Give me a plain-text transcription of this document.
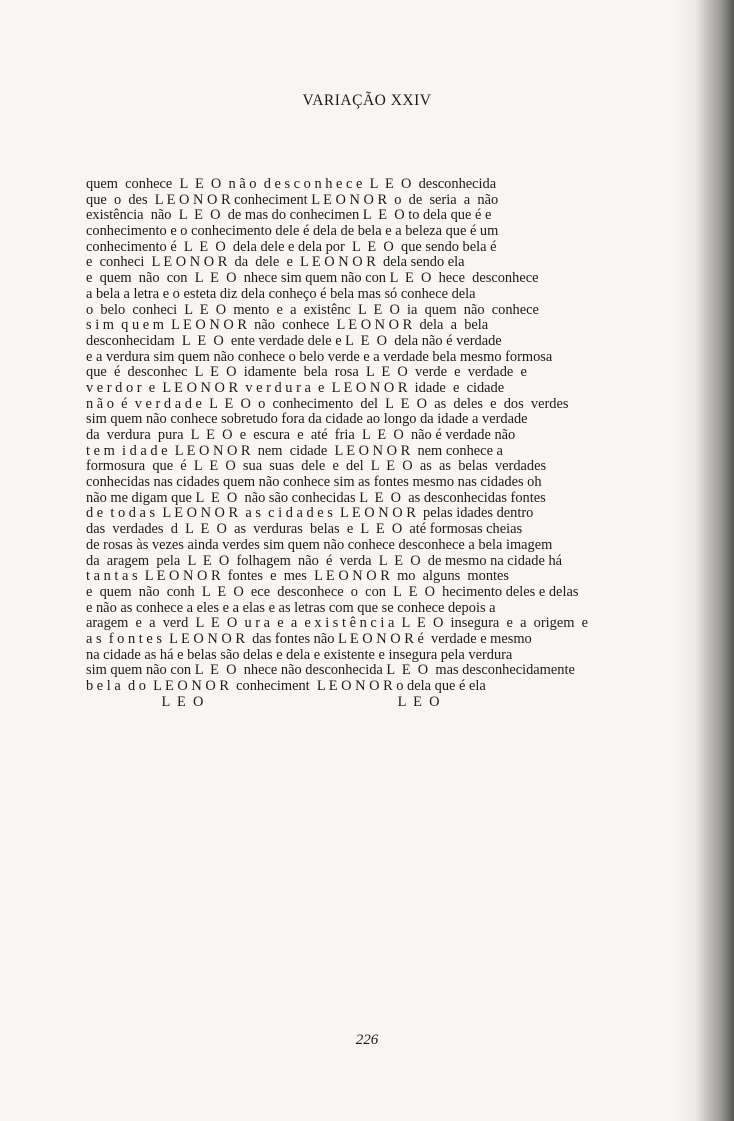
VARIAÇÃO XXIV
quem  conhece  L  E  O  n ã o  d e s c o n h e c e  L  E  O  desconhecida
que  o  des  L E O N O R conheciment L E O N O R  o  de  seria  a  não
existência  não  L  E  O  de mas do conhecimen L  E  O to dela que é e
conhecimento e o conhecimento dele é dela de bela e a beleza que é um
conhecimento é  L  E  O  dela dele e dela por  L  E  O  que sendo bela é
e  conheci  L E O N O R  da  dele  e  L E O N O R  dela sendo ela
e  quem  não  con  L  E  O  nhece sim quem não con L  E  O  hece  desconhece
a bela a letra e o esteta diz dela conheço é bela mas só conhece dela
o  belo  conheci  L  E  O  mento  e  a  existênc  L  E  O  ia  quem  não  conhece
s i m  q u e m  L E O N O R  não  conhece  L E O N O R  dela  a  bela
desconhecidam  L  E  O  ente verdade dele e L  E  O  dela não é verdade
e a verdura sim quem não conhece o belo verde e a verdade bela mesmo formosa
que  é  desconhec  L  E  O  idamente  bela  rosa  L  E  O  verde  e  verdade  e
v e r d o r  e  L E O N O R  v e r d u r a  e  L E O N O R  idade  e  cidade
n ã o  é  v e r d a d e  L  E  O  o  conhecimento  del  L  E  O  as  deles  e  dos  verdes
sim quem não conhece sobretudo fora da cidade ao longo da idade a verdade
da  verdura  pura  L  E  O  e  escura  e  até  fria  L  E  O  não é verdade não
t e m  i d a d e  L E O N O R  nem  cidade  L E O N O R  nem conhece a
formosura  que  é  L  E  O  sua  suas  dele  e  del  L  E  O  as  as  belas  verdades
conhecidas nas cidades quem não conhece sim as fontes mesmo nas cidades oh
não me digam que L  E  O  não são conhecidas L  E  O  as desconhecidas fontes
d e  t o d a s  L E O N O R  a s  c i d a d e s  L E O N O R  pelas idades dentro
das  verdades  d  L  E  O  as  verduras  belas  e  L  E  O  até formosas cheias
de rosas às vezes ainda verdes sim quem não conhece desconhece a bela imagem
da  aragem  pela  L  E  O  folhagem  não  é  verda  L  E  O  de mesmo na cidade há
t a n t a s  L E O N O R  fontes  e  mes  L E O N O R  mo  alguns  montes
e  quem  não  conh  L  E  O  ece  desconhece  o  con  L  E  O  hecimento deles e delas
e não as conhece a eles e a elas e as letras com que se conhece depois a
aragem  e  a  verd  L  E  O  u r a  e  a  e x i s t ê n c i a  L  E  O  insegura  e  a  origem  e
a s  f o n t e s  L E O N O R  das fontes não L E O N O R é  verdade e mesmo
na cidade as há e belas são delas e dela e existente e insegura pela verdura
sim quem não con L  E  O  nhece não desconhecida L  E  O  mas desconhecidamente
b e l a  d o  L E O N O R  conheciment  L E O N O R o dela que é ela
L  E  O                                                      L  E  O
226
